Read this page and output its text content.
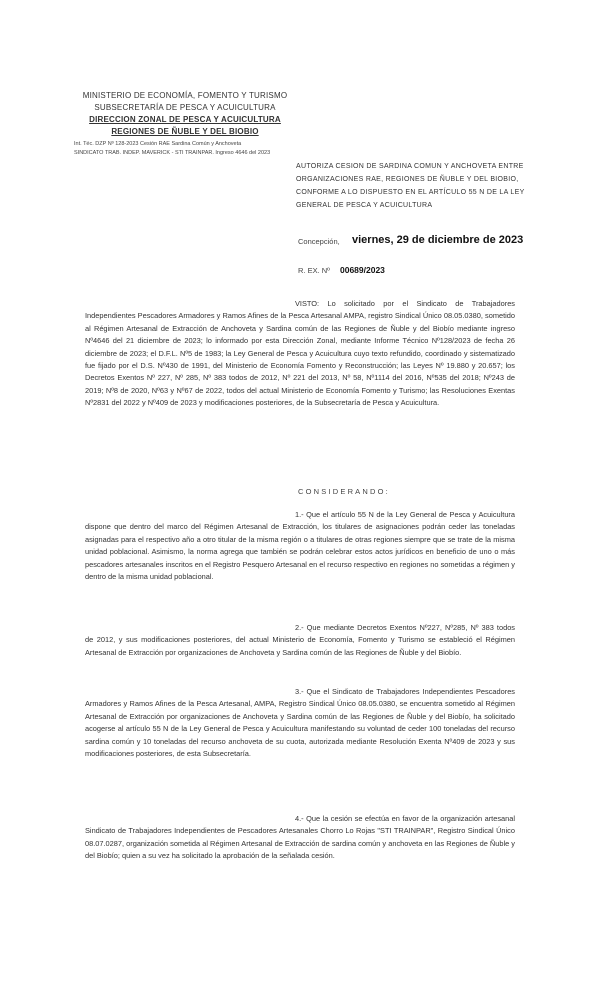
MINISTERIO DE ECONOMÍA, FOMENTO Y TURISMO
SUBSECRETARÍA DE PESCA Y ACUICULTURA
DIRECCION ZONAL DE PESCA Y ACUICULTURA
REGIONES DE ÑUBLE Y DEL BIOBIO
Int. Téc. DZP Nº 128-2023 Cesión RAE Sardina Común y Anchoveta
SINDICATO TRAB. INDEP. MAVERICK - STI TRAINPAR. Ingreso 4646 del 2023
AUTORIZA CESION DE SARDINA COMUN Y ANCHOVETA ENTRE ORGANIZACIONES RAE, REGIONES DE ÑUBLE Y DEL BIOBIO, CONFORME A LO DISPUESTO EN EL ARTÍCULO 55 N DE LA LEY GENERAL DE PESCA Y ACUICULTURA
Concepción, viernes, 29 de diciembre de 2023
R. EX. Nº 00689/2023
VISTO: Lo solicitado por el Sindicato de Trabajadores Independientes Pescadores Armadores y Ramos Afines de la Pesca Artesanal AMPA, registro Sindical Único 08.05.0380, sometido al Régimen Artesanal de Extracción de Anchoveta y Sardina común de las Regiones de Ñuble y del Biobío mediante ingreso Nº4646 del 21 diciembre de 2023; lo informado por esta Dirección Zonal, mediante Informe Técnico Nº128/2023 de fecha 26 diciembre de 2023; el D.F.L. Nº5 de 1983; la Ley General de Pesca y Acuicultura cuyo texto refundido, coordinado y sistematizado fue fijado por el D.S. Nº430 de 1991, del Ministerio de Economía Fomento y Reconstrucción; las Leyes Nº 19.880 y 20.657; los Decretos Exentos Nº 227, Nº 285, Nº 383 todos de 2012, Nº 221 del 2013, Nº 58, Nº1114 del 2016, Nº535 del 2018; Nº243 de 2019; Nº8 de 2020, Nº63 y Nº67 de 2022, todos del actual Ministerio de Economía Fomento y Turismo; las Resoluciones Exentas Nº2831 del 2022 y Nº409 de 2023 y modificaciones posteriores, de la Subsecretaría de Pesca y Acuicultura.
CONSIDERANDO:
1.- Que el artículo 55 N de la Ley General de Pesca y Acuicultura dispone que dentro del marco del Régimen Artesanal de Extracción, los titulares de asignaciones podrán ceder las toneladas asignadas para el respectivo año a otro titular de la misma región o a titulares de otras regiones siempre que se trate de la misma unidad poblacional. Asimismo, la norma agrega que también se podrán celebrar estos actos jurídicos en beneficio de uno o más pescadores artesanales inscritos en el Registro Pesquero Artesanal en el recurso respectivo en regiones no sometidas a régimen y dentro de la misma unidad poblacional.
2.- Que mediante Decretos Exentos Nº227, Nº285, Nº 383 todos de 2012, y sus modificaciones posteriores, del actual Ministerio de Economía, Fomento y Turismo se estableció el Régimen Artesanal de Extracción por organizaciones de Anchoveta y Sardina común de las Regiones de Ñuble y del Biobío.
3.- Que el Sindicato de Trabajadores Independientes Pescadores Armadores y Ramos Afines de la Pesca Artesanal, AMPA, Registro Sindical Único 08.05.0380, se encuentra sometido al Régimen Artesanal de Extracción por organizaciones de Anchoveta y Sardina común de las Regiones de Ñuble y del Biobío, ha solicitado acogerse al artículo 55 N de la Ley General de Pesca y Acuicultura manifestando su voluntad de ceder 100 toneladas del recurso sardina común y 10 toneladas del recurso anchoveta de su cuota, autorizada mediante Resolución Exenta Nº409 de 2023 y sus modificaciones posteriores, de esta Subsecretaría.
4.- Que la cesión se efectúa en favor de la organización artesanal Sindicato de Trabajadores Independientes de Pescadores Artesanales Chorro Lo Rojas "STI TRAINPAR", Registro Sindical Único 08.07.0287, organización sometida al Régimen Artesanal de Extracción de sardina común y anchoveta en las Regiones de Ñuble y del Biobío; quien a su vez ha solicitado la aprobación de la señalada cesión.
